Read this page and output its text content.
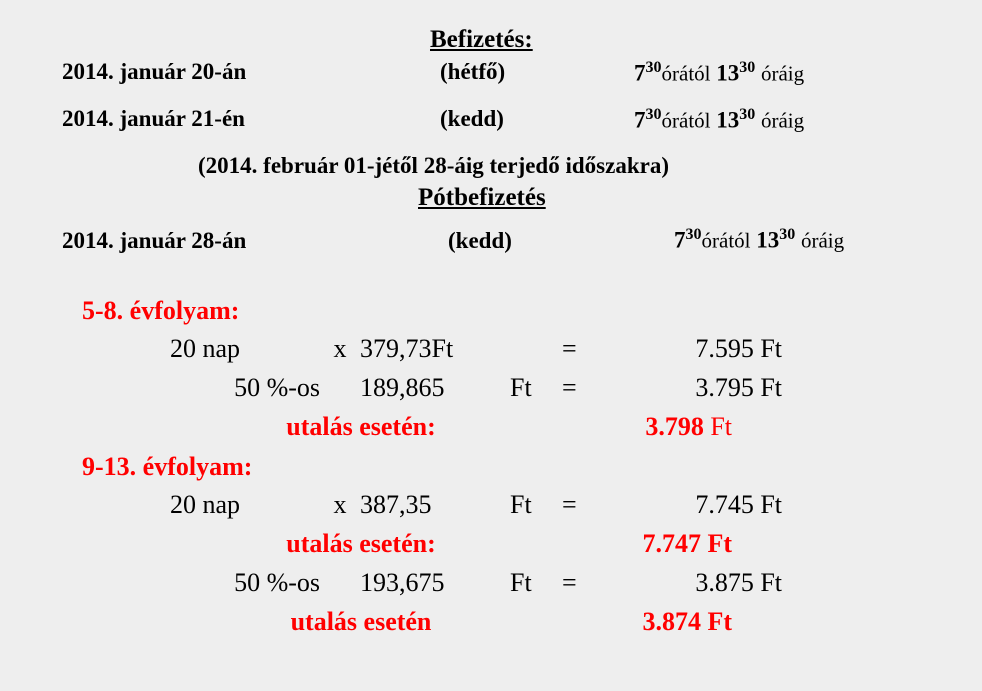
Befizetés:
2014. január 20-án	(hétfő)	$7^{30}órától$ $13^{30}$ óráig
2014. január 21-én	(kedd)	$7^{30}órától$ $13^{30}$ óráig
(2014. február 01-jétől 28-áig terjedő időszakra)
Pótbefizetés
2014. január 28-án	(kedd)	$7^{30}órától$ $13^{30}$ óráig
5-8. évfolyam:
20 nap	x 379,73Ft	=	7.595 Ft
50 %-os 189,865	Ft	=	3.795 Ft
utalás esetén:	3.798 Ft
9-13. évfolyam:
20 nap	x 387,35	Ft	=	7.745 Ft
utalás esetén:	7.747 Ft
50 %-os 193,675	Ft	=	3.875 Ft
utalás esetén	3.874 Ft
